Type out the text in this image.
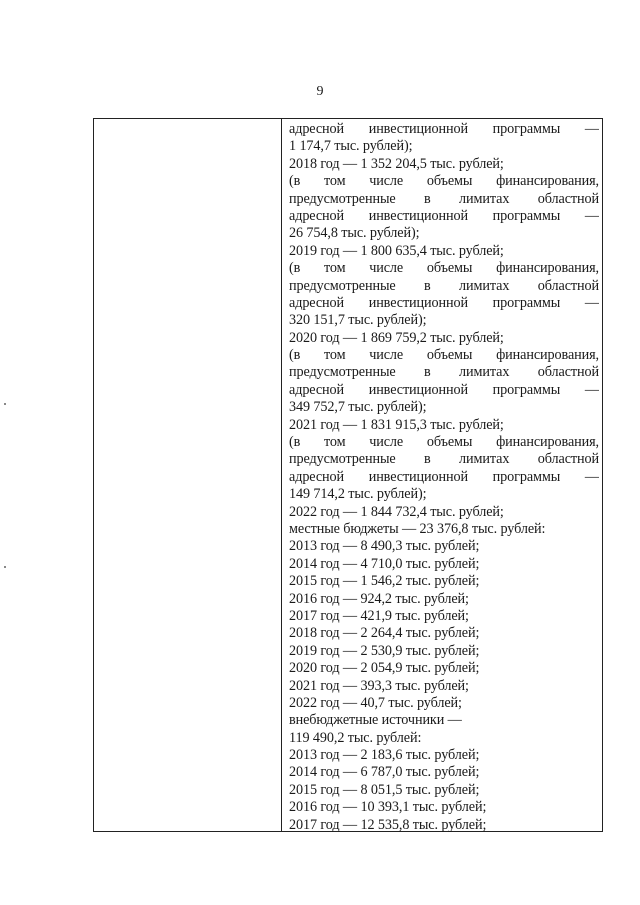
9
адресной инвестиционной программы —
1 174,7 тыс. рублей);
2018 год — 1 352 204,5 тыс. рублей;
(в том числе объемы финансирования,
предусмотренные в лимитах областной
адресной инвестиционной программы —
26 754,8 тыс. рублей);
2019 год — 1 800 635,4 тыс. рублей;
(в том числе объемы финансирования,
предусмотренные в лимитах областной
адресной инвестиционной программы —
320 151,7 тыс. рублей);
2020 год — 1 869 759,2 тыс. рублей;
(в том числе объемы финансирования,
предусмотренные в лимитах областной
адресной инвестиционной программы —
349 752,7 тыс. рублей);
2021 год — 1 831 915,3 тыс. рублей;
(в том числе объемы финансирования,
предусмотренные в лимитах областной
адресной инвестиционной программы —
149 714,2 тыс. рублей);
2022 год — 1 844 732,4 тыс. рублей;
местные бюджеты — 23 376,8 тыс. рублей:
2013 год — 8 490,3 тыс. рублей;
2014 год — 4 710,0 тыс. рублей;
2015 год — 1 546,2 тыс. рублей;
2016 год — 924,2 тыс. рублей;
2017 год — 421,9 тыс. рублей;
2018 год — 2 264,4 тыс. рублей;
2019 год — 2 530,9 тыс. рублей;
2020 год — 2 054,9 тыс. рублей;
2021 год — 393,3 тыс. рублей;
2022 год — 40,7 тыс. рублей;
внебюджетные источники —
119 490,2 тыс. рублей:
2013 год — 2 183,6 тыс. рублей;
2014 год — 6 787,0 тыс. рублей;
2015 год — 8 051,5 тыс. рублей;
2016 год — 10 393,1 тыс. рублей;
2017 год — 12 535,8 тыс. рублей;
